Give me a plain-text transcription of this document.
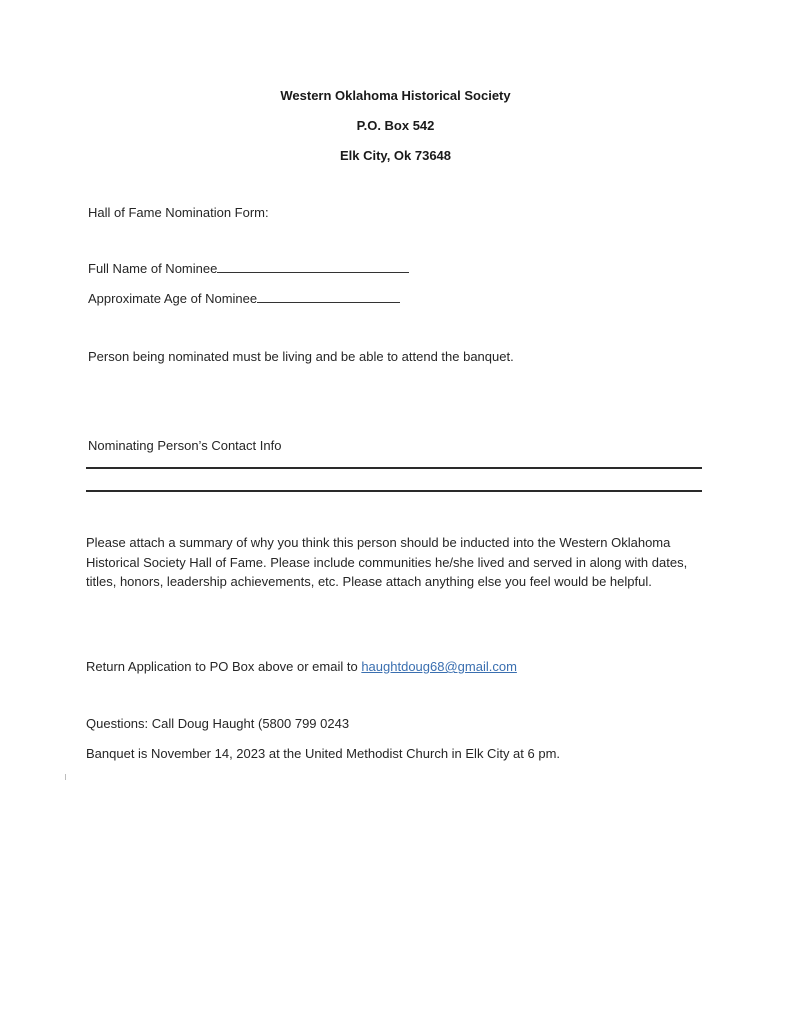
Western Oklahoma Historical Society
P.O. Box 542
Elk City, Ok 73648
Hall of Fame Nomination Form:
Full Name of Nominee
Approximate Age of Nominee
Person being nominated must be living and be able to attend the banquet.
Nominating Person’s Contact Info
Please attach a summary of why you think this person should be inducted into the Western Oklahoma
Historical Society Hall of Fame. Please include communities he/she lived and served in along with dates,
titles, honors, leadership achievements, etc. Please attach anything else you feel would be helpful.
Return Application to PO Box above or email to haughtdoug68@gmail.com
Questions: Call Doug Haught (5800 799 0243
Banquet is November 14, 2023 at the United Methodist Church in Elk City at 6 pm.
